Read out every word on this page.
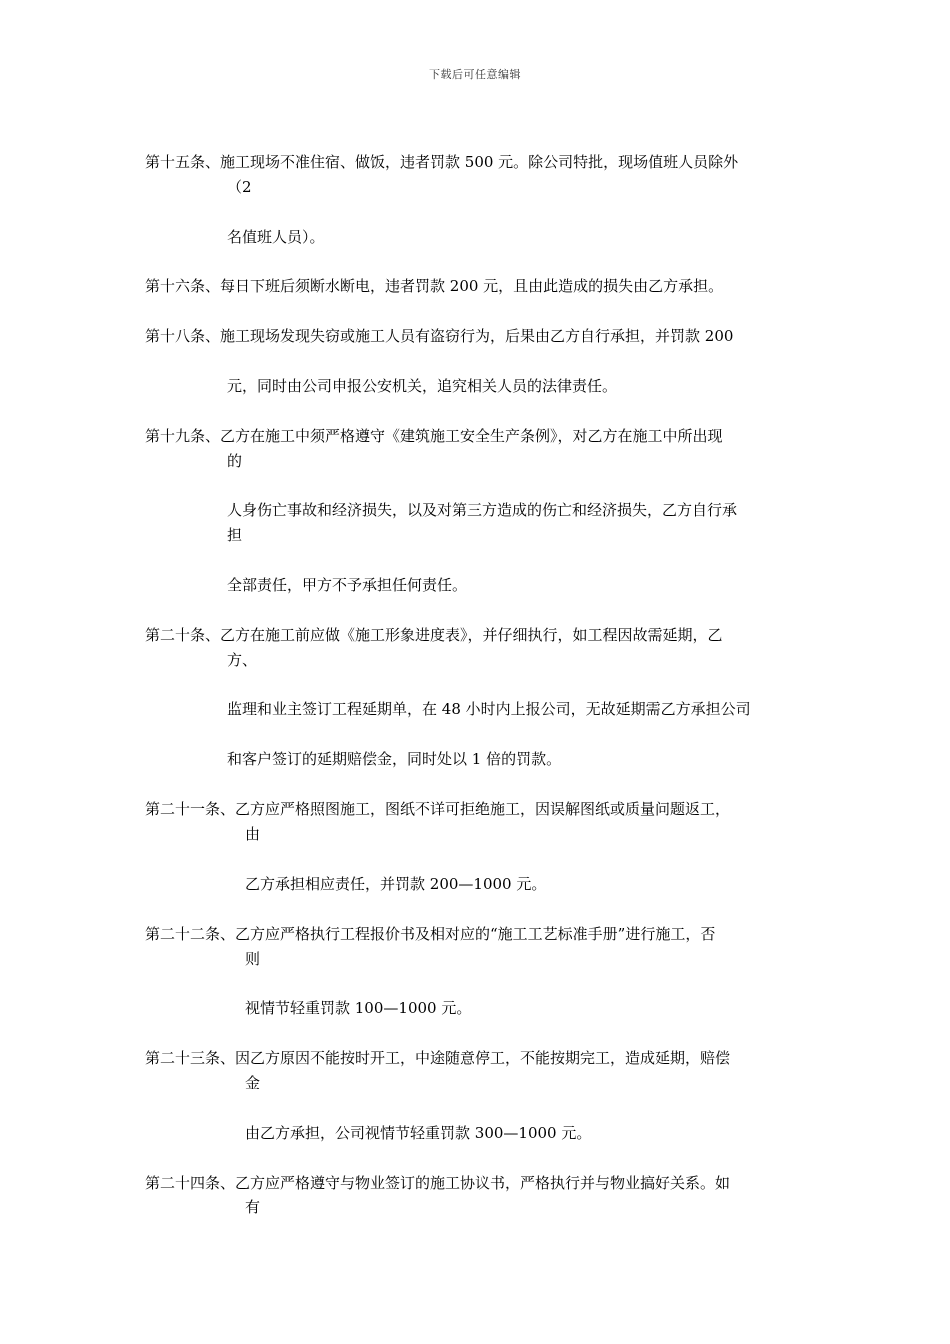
下载后可任意编辑
第十五条、施工现场不准住宿、做饭，违者罚款 500 元。除公司特批，现场值班人员除外
（2
名值班人员）。
第十六条、每日下班后须断水断电，违者罚款 200 元，且由此造成的损失由乙方承担。
第十八条、施工现场发现失窃或施工人员有盗窃行为，后果由乙方自行承担，并罚款 200
元，同时由公司申报公安机关，追究相关人员的法律责任。
第十九条、乙方在施工中须严格遵守《建筑施工安全生产条例》，对乙方在施工中所出现
的
人身伤亡事故和经济损失，以及对第三方造成的伤亡和经济损失，乙方自行承
担
全部责任，甲方不予承担任何责任。
第二十条、乙方在施工前应做《施工形象进度表》，并仔细执行，如工程因故需延期，乙
方、
监理和业主签订工程延期单，在 48 小时内上报公司，无故延期需乙方承担公司
和客户签订的延期赔偿金，同时处以 1 倍的罚款。
第二十一条、乙方应严格照图施工，图纸不详可拒绝施工，因误解图纸或质量问题返工，
由
乙方承担相应责任，并罚款 200—1000 元。
第二十二条、乙方应严格执行工程报价书及相对应的“施工工艺标准手册”进行施工，否
则
视情节轻重罚款 100—1000 元。
第二十三条、因乙方原因不能按时开工，中途随意停工，不能按期完工，造成延期，赔偿
金
由乙方承担，公司视情节轻重罚款 300—1000 元。
第二十四条、乙方应严格遵守与物业签订的施工协议书，严格执行并与物业搞好关系。如
有
